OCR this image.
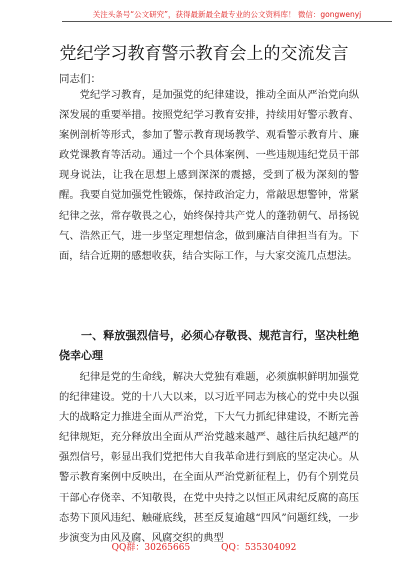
关注头条号“公文研究”，获得最新最全最专业的公文资料库！ 微信：gongwenyj
党纪学习教育警示教育会上的交流发言
同志们：

党纪学习教育，是加强党的纪律建设，推动全面从严治党向纵深发展的重要举措。按照党纪学习教育安排，持续用好警示教育、案例剖析等形式，参加了警示教育现场教学、观看警示教育片、廉政党课教育等活动。通过一个个具体案例、一些违规违纪党员干部现身说法，让我在思想上感到深深的震撼，受到了极为深刻的警醒。我要自觉加强党性锻炼，保持政治定力，常敲思想警钟，常紧纪律之弦，常存敬畏之心，始终保持共产党人的蓬勃朝气、昂扬锐气、浩然正气，进一步坚定理想信念，做到廉洁自律担当有为。下面，结合近期的感想收获，结合实际工作，与大家交流几点想法。

一、释放强烈信号，必须心存敬畏、规范言行，坚决杜绝侥幸心理

纪律是党的生命线，解决大党独有难题，必须旗帜鲜明加强党的纪律建设。党的十八大以来，以习近平同志为核心的党中央以强大的战略定力推进全面从严治党，下大气力抓纪律建设，不断完善纪律规矩，充分释放出全面从严治党越来越严、越往后执纪越严的强烈信号，彰显出我们党把伟大自我革命进行到底的坚定决心。从警示教育案例中反映出，在全面从严治党新征程上，仍有个别党员干部心存侥幸、不知敬畏，在党中央持之以恒正风肃纪反腐的高压态势下顶风违纪、触碰底线，甚至反复逾越“四风”问题红线，一步步演变为由风及腐、风腐交织的典型

QQ群：30265665	QQ：535304092
